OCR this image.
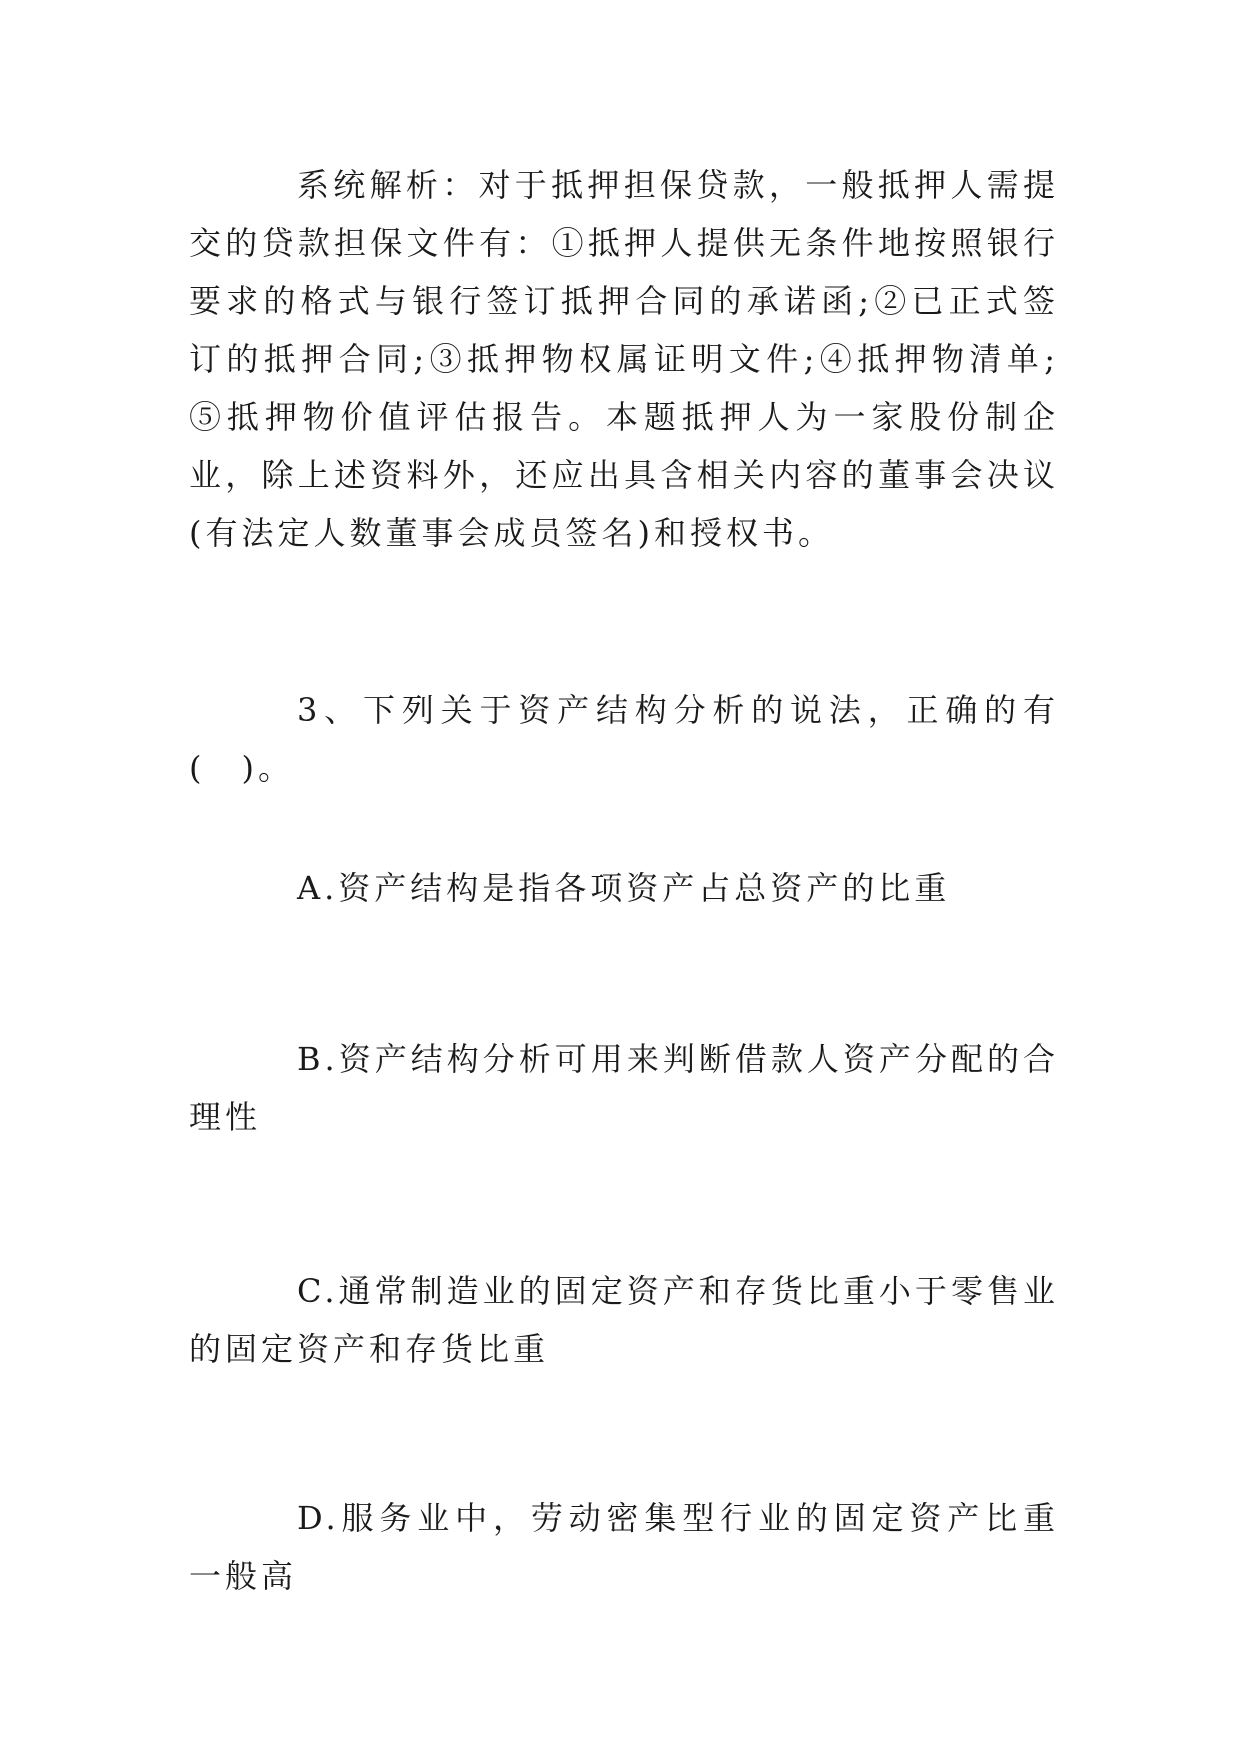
系统解析：对于抵押担保贷款，一般抵押人需提交的贷款担保文件有：①抵押人提供无条件地按照银行要求的格式与银行签订抵押合同的承诺函;②已正式签订的抵押合同;③抵押物权属证明文件;④抵押物清单;⑤抵押物价值评估报告。本题抵押人为一家股份制企业，除上述资料外，还应出具含相关内容的董事会决议(有法定人数董事会成员签名)和授权书。

3、下列关于资产结构分析的说法，正确的有(　)。

A.资产结构是指各项资产占总资产的比重

B.资产结构分析可用来判断借款人资产分配的合理性

C.通常制造业的固定资产和存货比重小于零售业的固定资产和存货比重

D.服务业中，劳动密集型行业的固定资产比重一般高
